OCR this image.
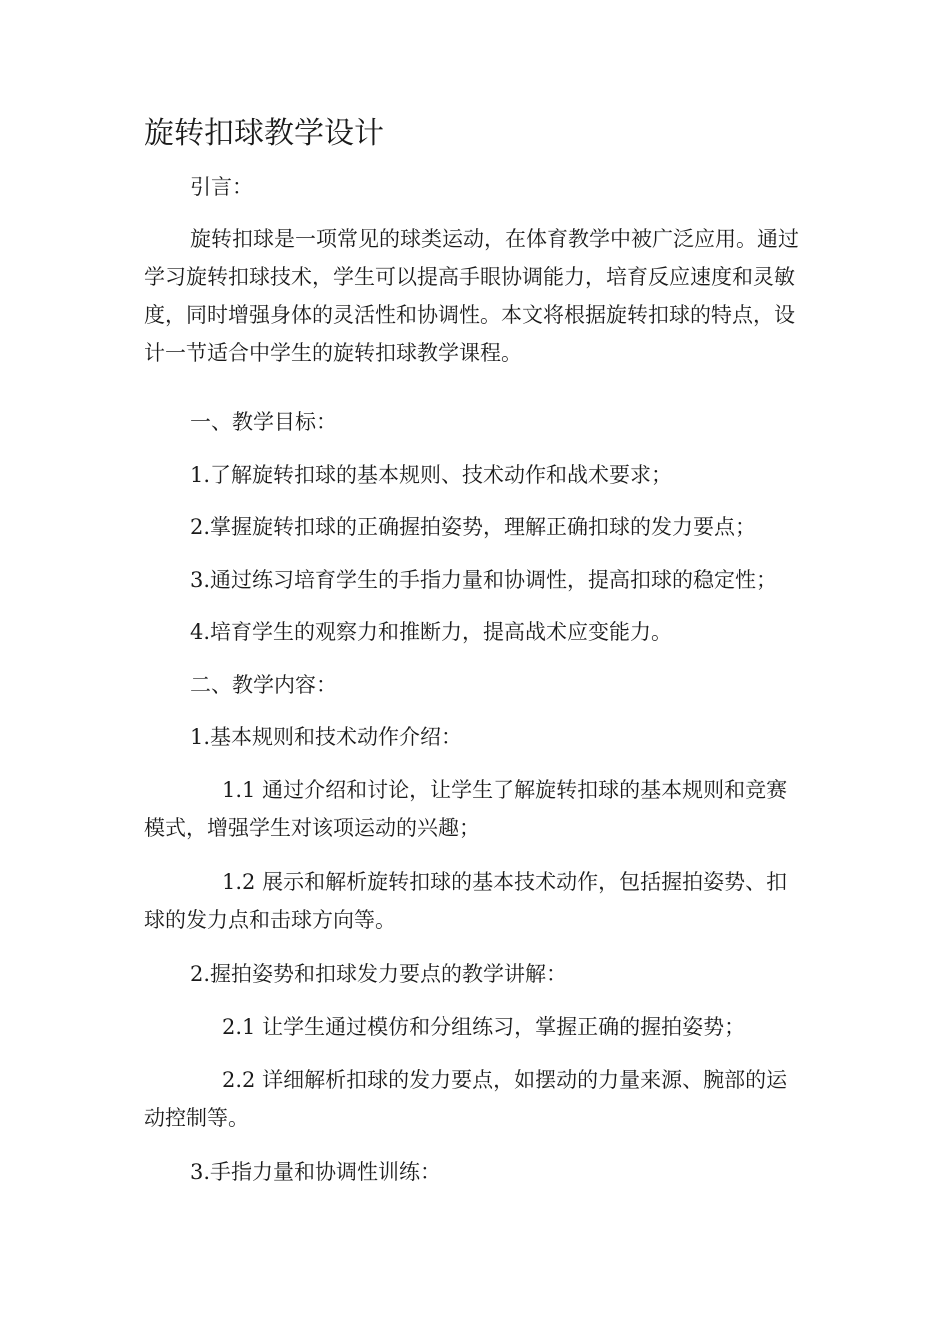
旋转扣球教学设计

引言：

旋转扣球是一项常见的球类运动，在体育教学中被广泛应用。通过学习旋转扣球技术，学生可以提高手眼协调能力，培育反应速度和灵敏度，同时增强身体的灵活性和协调性。本文将根据旋转扣球的特点，设计一节适合中学生的旋转扣球教学课程。

一、教学目标：

1.了解旋转扣球的基本规则、技术动作和战术要求；

2.掌握旋转扣球的正确握拍姿势，理解正确扣球的发力要点；

3.通过练习培育学生的手指力量和协调性，提高扣球的稳定性；

4.培育学生的观察力和推断力，提高战术应变能力。

二、教学内容：

1.基本规则和技术动作介绍：

1.1 通过介绍和讨论，让学生了解旋转扣球的基本规则和竞赛模式，增强学生对该项运动的兴趣；

1.2 展示和解析旋转扣球的基本技术动作，包括握拍姿势、扣球的发力点和击球方向等。

2.握拍姿势和扣球发力要点的教学讲解：

2.1 让学生通过模仿和分组练习，掌握正确的握拍姿势；

2.2 详细解析扣球的发力要点，如摆动的力量来源、腕部的运动控制等。

3.手指力量和协调性训练：
